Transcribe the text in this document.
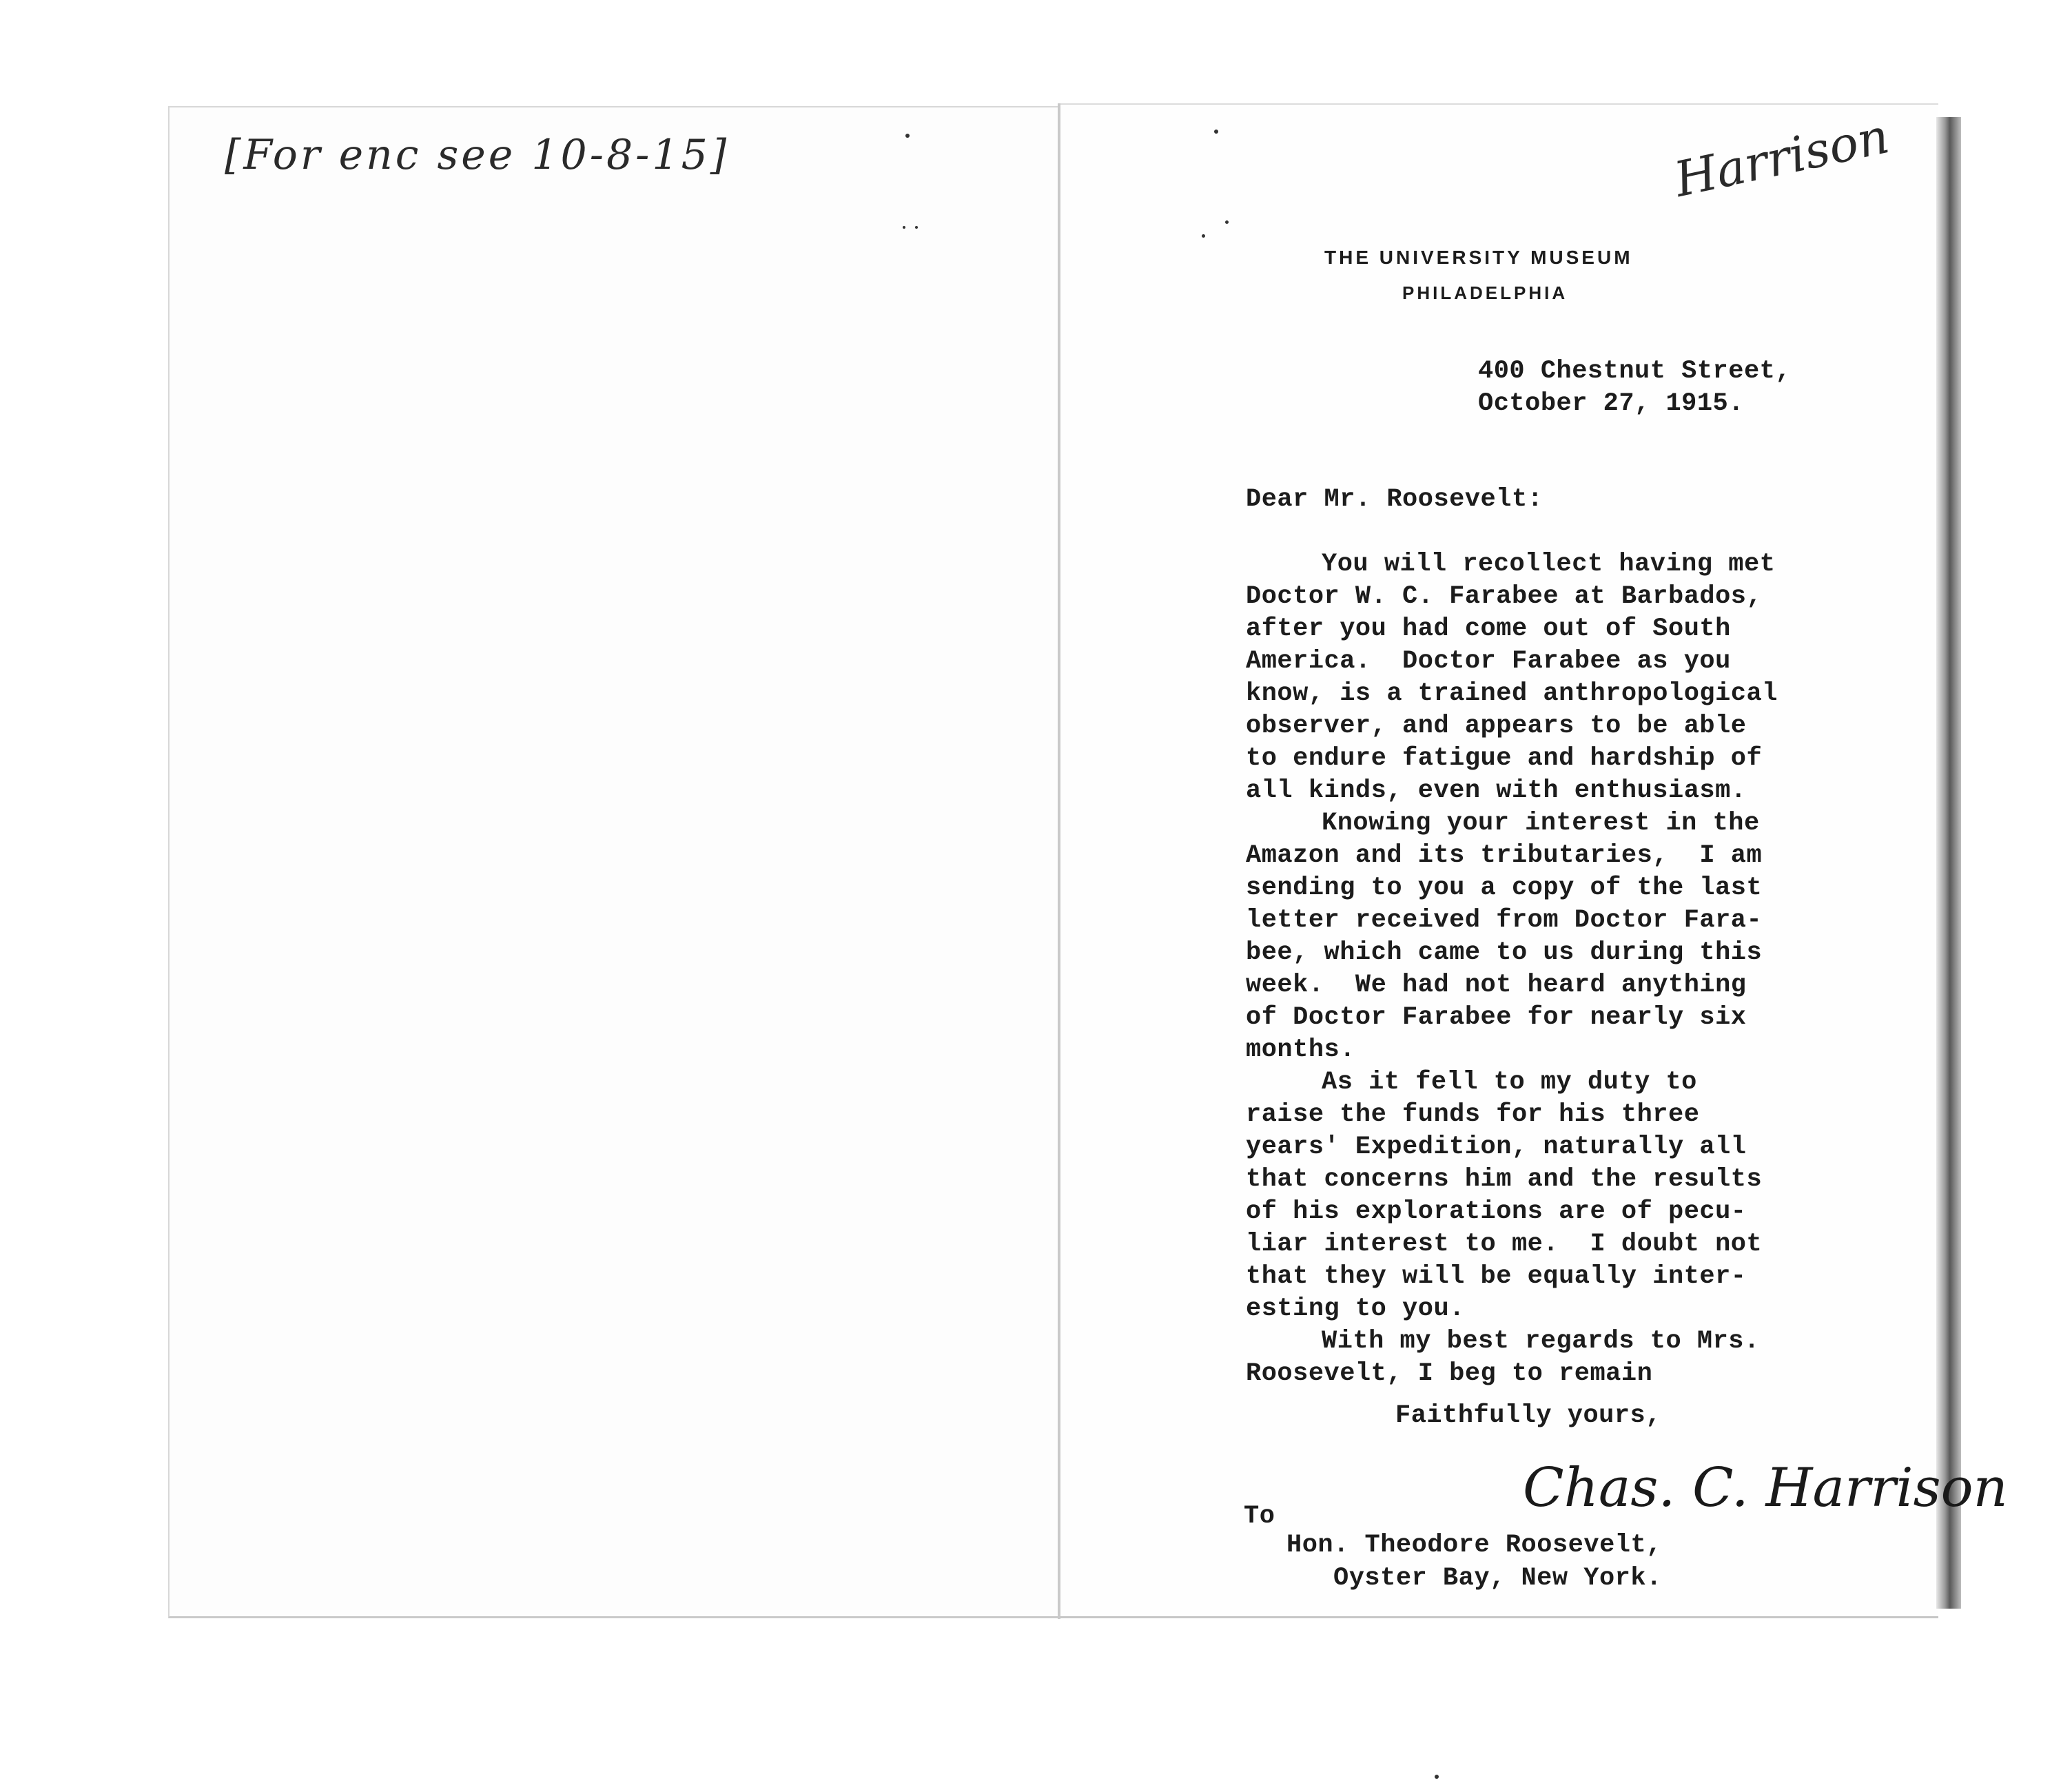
[For enc see 10-8-15]	Harrison
THE UNIVERSITY MUSEUM
PHILADELPHIA
400 Chestnut Street,
October 27, 1915.
Dear Mr. Roosevelt:
You will recollect having met
Doctor W. C. Farabee at Barbados,
after you had come out of South
America.  Doctor Farabee as you
know, is a trained anthropological
observer, and appears to be able
to endure fatigue and hardship of
all kinds, even with enthusiasm.
Knowing your interest in the
Amazon and its tributaries,  I am
sending to you a copy of the last
letter received from Doctor Fara-
bee, which came to us during this
week.  We had not heard anything
of Doctor Farabee for nearly six
months.
As it fell to my duty to
raise the funds for his three
years' Expedition, naturally all
that concerns him and the results
of his explorations are of pecu-
liar interest to me.  I doubt not
that they will be equally inter-
esting to you.
With my best regards to Mrs.
Roosevelt, I beg to remain
Faithfully yours,
Chas. C. Harrison
To
Hon. Theodore Roosevelt,
Oyster Bay, New York.
